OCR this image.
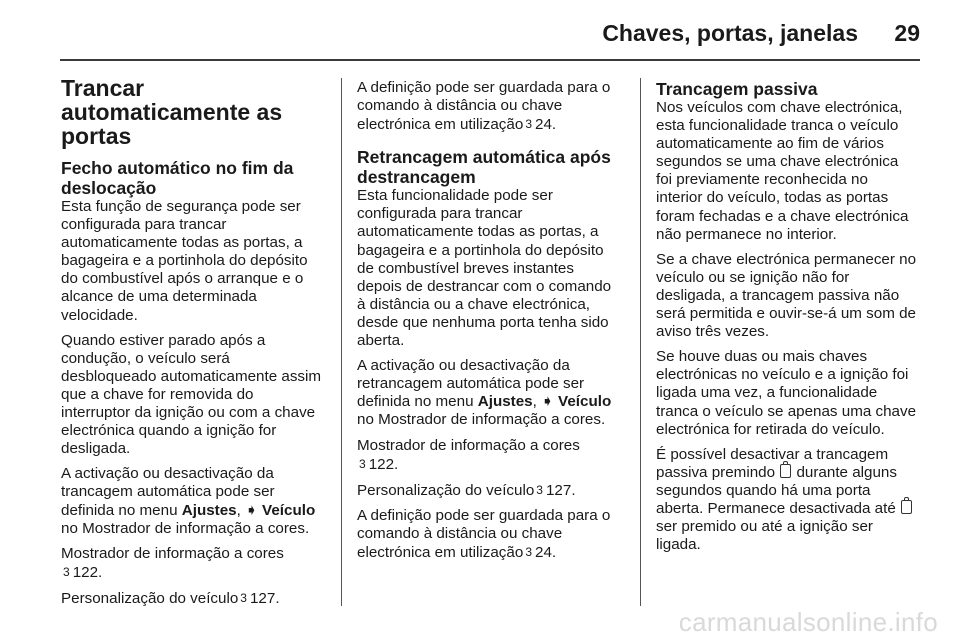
Chaves, portas, janelas 29
Trancar automaticamente as portas
Fecho automático no fim da deslocação

Esta função de segurança pode ser configurada para trancar automaticamente todas as portas, a bagageira e a portinhola do depósito do combustível após o arranque e o alcance de uma determinada velocidade.

Quando estiver parado após a condução, o veículo será desbloqueado automaticamente assim que a chave for removida do interruptor da ignição ou com a chave electrónica quando a ignição for desligada.

A activação ou desactivação da trancagem automática pode ser definida no menu Ajustes, ➧ Veículo no Mostrador de informação a cores.

Mostrador de informação a cores
3 122.

Personalização do veículo 3 127.

A definição pode ser guardada para o comando à distância ou chave electrónica em utilização 3 24.

Retrancagem automática após destrancagem

Esta funcionalidade pode ser configurada para trancar automaticamente todas as portas, a bagageira e a portinhola do depósito de combustível breves instantes depois de destrancar com o comando à distância ou a chave electrónica, desde que nenhuma porta tenha sido aberta.

A activação ou desactivação da retrancagem automática pode ser definida no menu Ajustes, ➧ Veículo no Mostrador de informação a cores.

Mostrador de informação a cores
3 122.

Personalização do veículo 3 127.

A definição pode ser guardada para o comando à distância ou chave electrónica em utilização 3 24.

Trancagem passiva

Nos veículos com chave electrónica, esta funcionalidade tranca o veículo automaticamente ao fim de vários segundos se uma chave electrónica foi previamente reconhecida no interior do veículo, todas as portas foram fechadas e a chave electrónica não permanece no interior.

Se a chave electrónica permanecer no veículo ou se ignição não for desligada, a trancagem passiva não será permitida e ouvir-se-á um som de aviso três vezes.

Se houve duas ou mais chaves electrónicas no veículo e a ignição foi ligada uma vez, a funcionalidade tranca o veículo se apenas uma chave electrónica for retirada do veículo.

É possível desactivar a trancagem passiva premindo  durante alguns segundos quando há uma porta aberta. Permanece desactivada até  ser premido ou até a ignição ser ligada.

carmanualsonline.info
